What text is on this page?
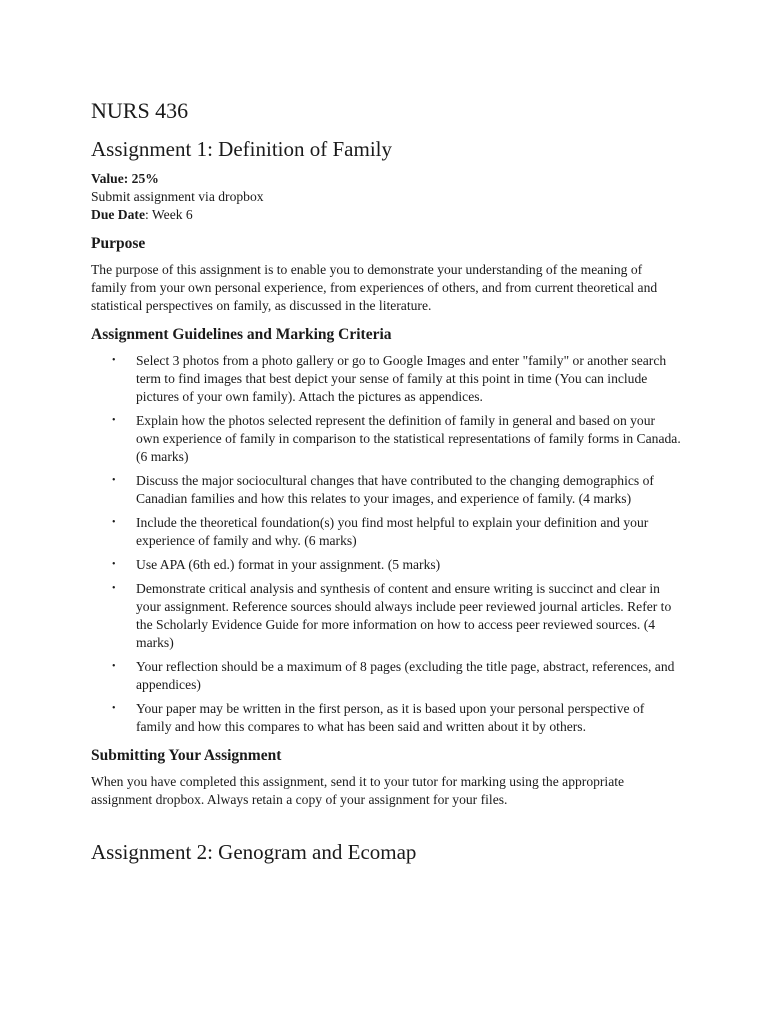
NURS 436
Assignment 1: Definition of Family

Value: 25%

Submit assignment via dropbox

Due Date: Week 6

Purpose

The purpose of this assignment is to enable you to demonstrate your understanding of the meaning of family from your own personal experience, from experiences of others, and from current theoretical and statistical perspectives on family, as discussed in the literature.

Assignment Guidelines and Marking Criteria
• Select 3 photos from a photo gallery or go to Google Images and enter "family" or another search term to find images that best depict your sense of family at this point in time (You can include pictures of your own family). Attach the pictures as appendices.
• Explain how the photos selected represent the definition of family in general and based on your own experience of family in comparison to the statistical representations of family forms in Canada. (6 marks)
• Discuss the major sociocultural changes that have contributed to the changing demographics of Canadian families and how this relates to your images, and experience of family. (4 marks)
• Include the theoretical foundation(s) you find most helpful to explain your definition and your experience of family and why. (6 marks)
• Use APA (6th ed.) format in your assignment. (5 marks)
• Demonstrate critical analysis and synthesis of content and ensure writing is succinct and clear in your assignment. Reference sources should always include peer reviewed journal articles. Refer to the Scholarly Evidence Guide for more information on how to access peer reviewed sources. (4 marks)
• Your reflection should be a maximum of 8 pages (excluding the title page, abstract, references, and appendices)
• Your paper may be written in the first person, as it is based upon your personal perspective of family and how this compares to what has been said and written about it by others.
Submitting Your Assignment

When you have completed this assignment, send it to your tutor for marking using the appropriate assignment dropbox. Always retain a copy of your assignment for your files.

Assignment 2: Genogram and Ecomap
